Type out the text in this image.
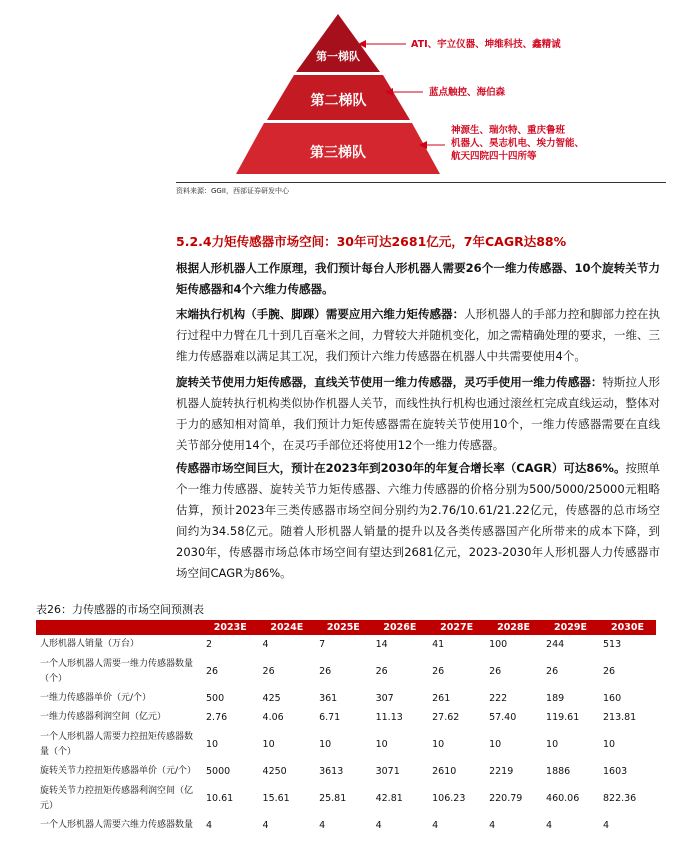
第一梯队
第二梯队
第三梯队
ATI、宇立仪器、坤维科技、鑫精诚
蓝点触控、海伯森
神源生、瑞尔特、重庆鲁班
机器人、昊志机电、埃力智能、
航天四院四十四所等
资料来源：GGII，西部证券研发中心
5.2.4力矩传感器市场空间：30年可达2681亿元，7年CAGR达88%
根据人形机器人工作原理，我们预计每台人形机器人需要26个一维力传感器、10个旋转关节力矩传感器和4个六维力传感器。
末端执行机构（手腕、脚踝）需要应用六维力矩传感器：人形机器人的手部力控和脚部力控在执行过程中力臂在几十到几百毫米之间，力臂较大并随机变化，加之需精确处理的要求，一维、三维力传感器难以满足其工况，我们预计六维力传感器在机器人中共需要使用4个。
旋转关节使用力矩传感器，直线关节使用一维力传感器，灵巧手使用一维力传感器：特斯拉人形机器人旋转执行机构类似协作机器人关节，而线性执行机构也通过滚丝杠完成直线运动，整体对于力的感知相对简单，我们预计力矩传感器需在旋转关节使用10个，一维力传感器需要在直线关节部分使用14个，在灵巧手部位还将使用12个一维力传感器。
传感器市场空间巨大，预计在2023年到2030年的年复合增长率（CAGR）可达86%。按照单个一维力传感器、旋转关节力矩传感器、六维力传感器的价格分别为500/5000/25000元粗略估算，预计2023年三类传感器市场空间分别约为2.76/10.61/21.22亿元，传感器的总市场空间约为34.58亿元。随着人形机器人销量的提升以及各类传感器国产化所带来的成本下降，到2030年，传感器市场总体市场空间有望达到2681亿元，2023-2030年人形机器人力传感器市场空间CAGR为86%。
表26：力传感器的市场空间预测表
	2023E	2024E	2025E	2026E	2027E	2028E	2029E	2030E
人形机器人销量（万台）	2	4	7	14	41	100	244	513
一个人形机器人需要一维力传感器数量（个）	26	26	26	26	26	26	26	26
一维力传感器单价（元/个）	500	425	361	307	261	222	189	160
一维力传感器利润空间（亿元）	2.76	4.06	6.71	11.13	27.62	57.40	119.61	213.81
一个人形机器人需要力控扭矩传感器数量（个）	10	10	10	10	10	10	10	10
旋转关节力控扭矩传感器单价（元/个）	5000	4250	3613	3071	2610	2219	1886	1603
旋转关节力控扭矩传感器利润空间（亿元）	10.61	15.61	25.81	42.81	106.23	220.79	460.06	822.36
一个人形机器人需要六维力传感器数量	4	4	4	4	4	4	4	4
